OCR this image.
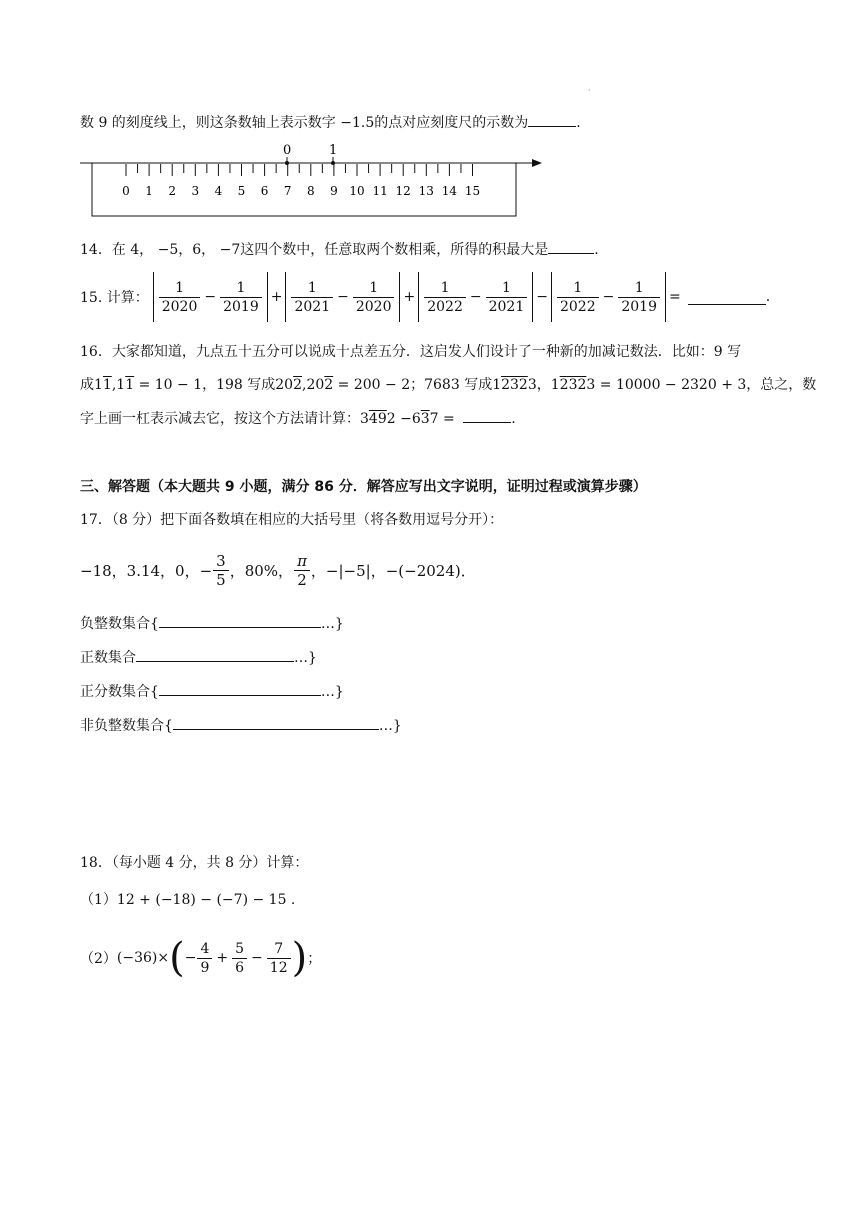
·
数 9 的刻度线上，则这条数轴上表示数字 −1.5的点对应刻度尺的示数为	.
0	1
0 1 2 3 4 5 6 7 8 9 10 11 12 13 14 15
14．在 4， −5，6， −7这四个数中，任意取两个数相乘，所得的积最大是	.
15. 计算： $\frac{1}{2020} - \frac{1}{2019} + \frac{1}{2021} - \frac{1}{2020} + \frac{1}{2022} - \frac{1}{2021} - \frac{1}{2022} - \frac{1}{2019}$ =	.
16．大家都知道，九点五十五分可以说成十点差五分．这启发人们设计了一种新的加减记数法．比如：9 写
成11,11 = 10 − 1，198 写成202,202 = 200 − 2；7683 写成12323，12323 = 10000 − 2320 + 3，总之，数
字上画一杠表示减去它，按这个方法请计算：3492 −637 =	.
三、解答题（本大题共 9 小题，满分 86 分．解答应写出文字说明，证明过程或演算步骤）
17．（8 分）把下面各数填在相应的大括号里（将各数用逗号分开）：
−18，3.14，0，− $\frac{3}{5}$ ，80%， $\frac{\pi}{2}$ ，−|−5|，−(−2024)．
负整数集合{	…}
正数集合	…}
正分数集合{	…}
非负整数集合{	…}
18．（每小题 4 分，共 8 分）计算：
（1）12 + (−18) − (−7) − 15 .
（2） (−36)× ( − $\frac{4}{9} + \frac{5}{6} - \frac{7}{12}$ ) ；
